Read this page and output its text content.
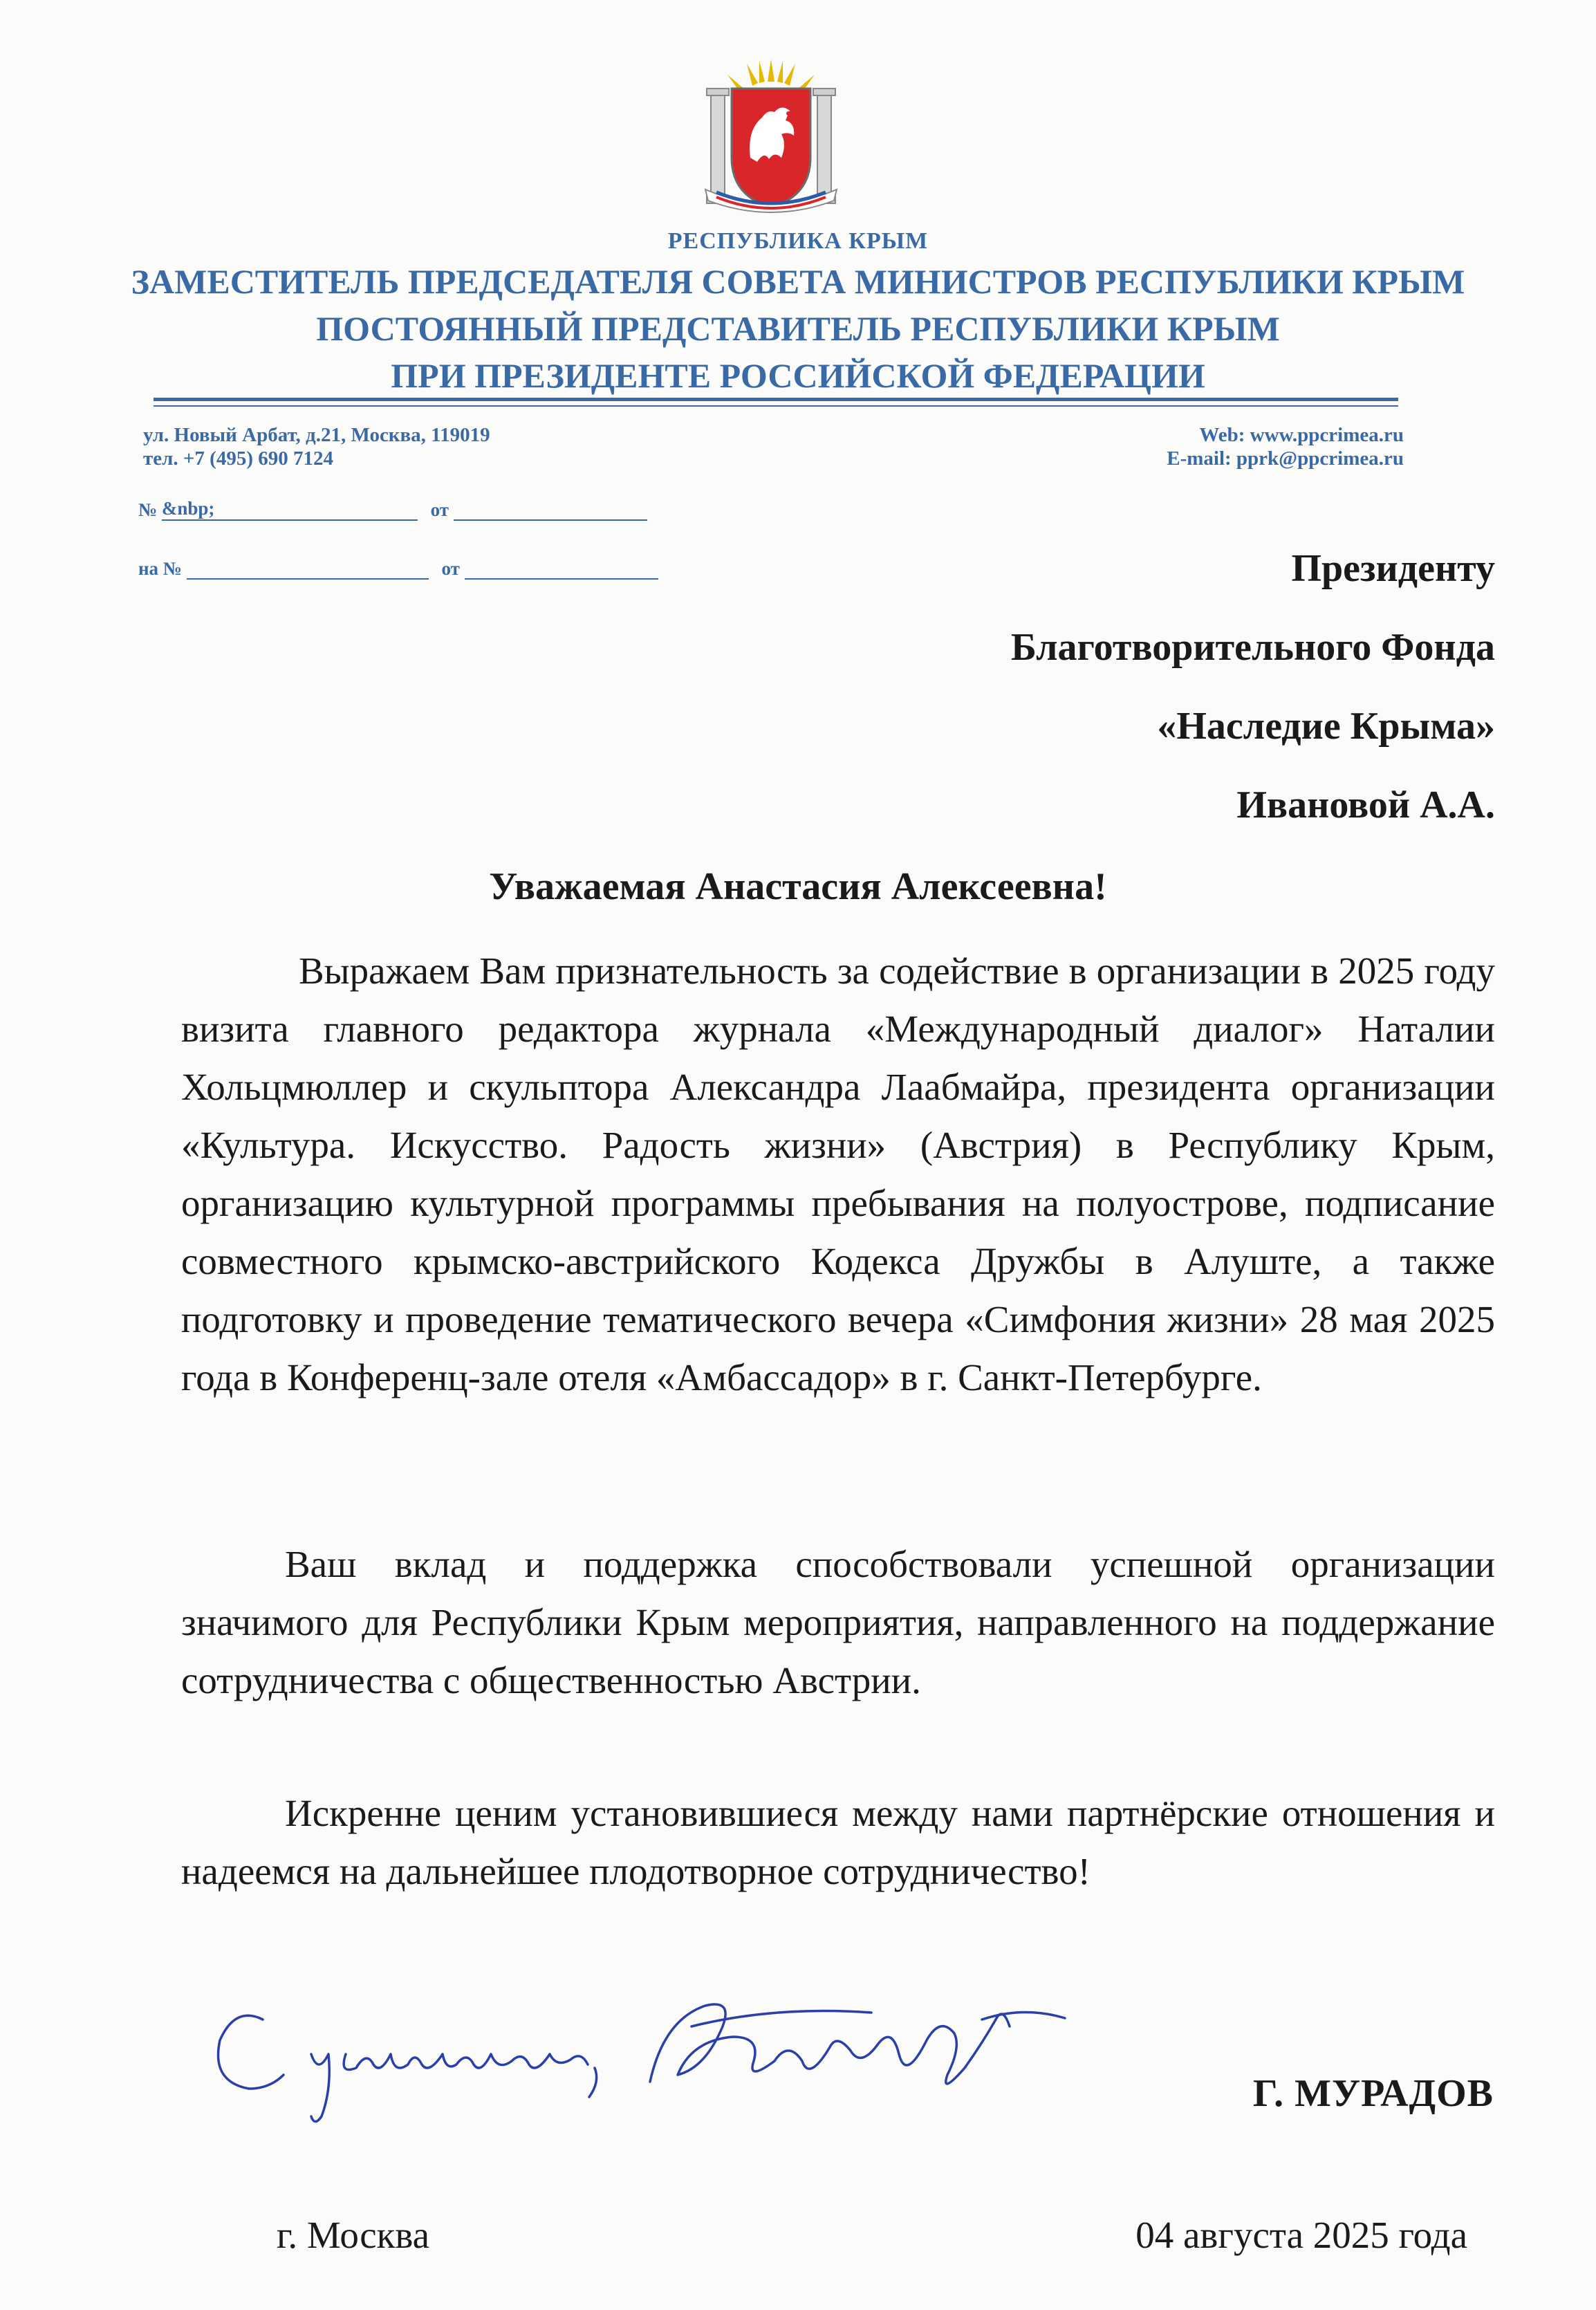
РЕСПУБЛИКА КРЫМ
ЗАМЕСТИТЕЛЬ ПРЕДСЕДАТЕЛЯ СОВЕТА МИНИСТРОВ РЕСПУБЛИКИ КРЫМ
ПОСТОЯННЫЙ ПРЕДСТАВИТЕЛЬ РЕСПУБЛИКИ КРЫМ
ПРИ ПРЕЗИДЕНТЕ РОССИЙСКОЙ ФЕДЕРАЦИИ
ул. Новый Арбат, д.21, Москва, 119019
тел. +7 (495) 690 7124
Web: www.ppcrimea.ru
E-mail: pprk@ppcrimea.ru
№ &nbp;	от
на №	от	Президенту
Благотворительного Фонда
«Наследие Крыма»
Ивановой А.А.
Уважаемая Анастасия Алексеевна!
Выражаем Вам признательность за содействие в организации в 2025 году визита главного редактора журнала «Международный диалог» Наталии Хольцмюллер и скульптора Александра Лаабмайра, президента организации «Культура. Искусство. Радость жизни» (Австрия) в Республику Крым, организацию культурной программы пребывания на полуострове, подписание совместного крымско-австрийского Кодекса Дружбы в Алуште, а также подготовку и проведение тематического вечера «Симфония жизни» 28 мая 2025 года в Конференц-зале отеля «Амбассадор» в г. Санкт-Петербурге.
Ваш вклад и поддержка способствовали успешной организации значимого для Республики Крым мероприятия, направленного на поддержание сотрудничества с общественностью Австрии.
Искренне ценим установившиеся между нами партнёрские отношения и надеемся на дальнейшее плодотворное сотрудничество!
Г. МУРАДОВ
г. Москва	04 августа 2025 года
